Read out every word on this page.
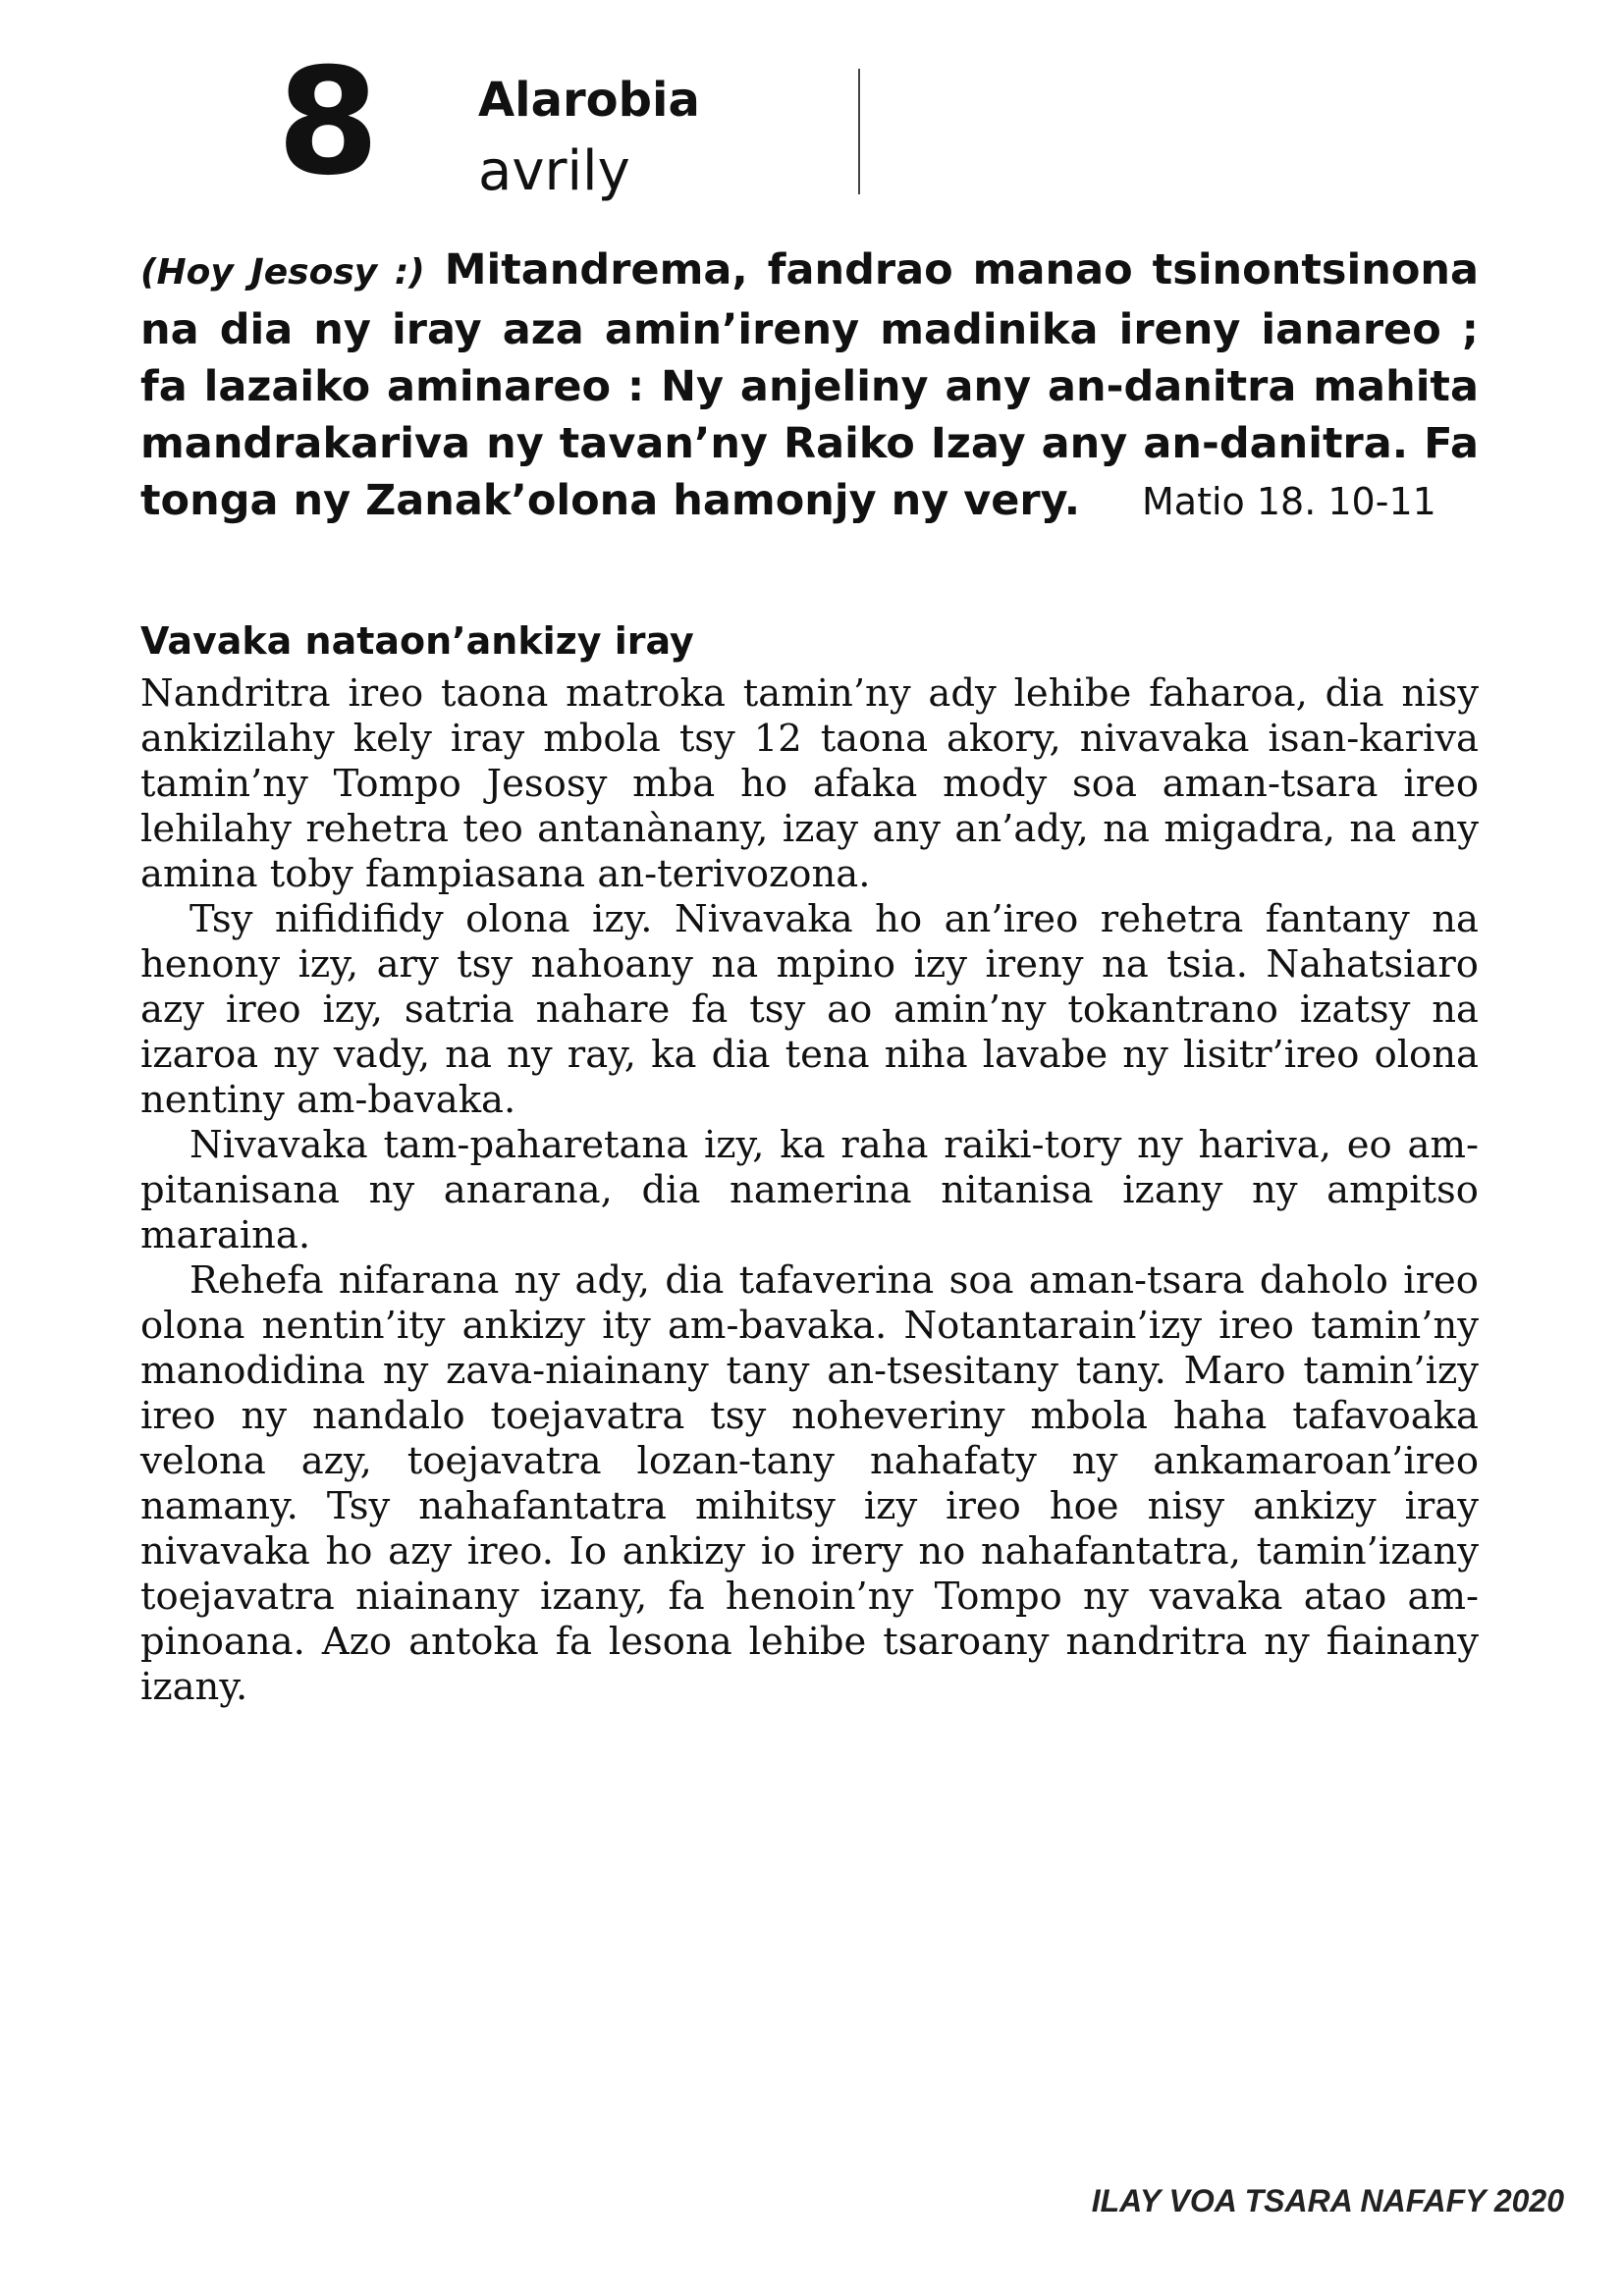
8 Alarobia
avrily
(Hoy Jesosy :) Mitandrema, fandrao manao tsinontsinona na dia ny iray aza amin’ireny madinika ireny ianareo ; fa lazaiko aminareo : Ny anjeliny any an-danitra mahita mandrakariva ny tavan’ny Raiko Izay any an-danitra. Fa tonga ny Zanak’olona hamonjy ny very. Matio 18. 10-11
Vavaka nataon’ankizy iray

Nandritra ireo taona matroka tamin’ny ady lehibe faharoa, dia nisy ankizilahy kely iray mbola tsy 12 taona akory, nivavaka isan-kariva tamin’ny Tompo Jesosy mba ho afaka mody soa aman-tsara ireo lehilahy rehetra teo antanànany, izay any an’ady, na migadra, na any amina toby fampiasana an-terivozona.

Tsy nifidifidy olona izy. Nivavaka ho an’ireo rehetra fantany na henony izy, ary tsy nahoany na mpino izy ireny na tsia. Nahatsiaro azy ireo izy, satria nahare fa tsy ao amin’ny tokantrano izatsy na izaroa ny vady, na ny ray, ka dia tena niha lavabe ny lisitr’ireo olona nentiny am-bavaka.

Nivavaka tam-paharetana izy, ka raha raiki-tory ny hariva, eo am-pitanisana ny anarana, dia namerina nitanisa izany ny ampitso maraina.

Rehefa nifarana ny ady, dia tafaverina soa aman-tsara daholo ireo olona nentin’ity ankizy ity am-bavaka. Notantarain’izy ireo tamin’ny manodidina ny zava-niainany tany an-tsesitany tany. Maro tamin’izy ireo ny nandalo toejavatra tsy noheveriny mbola haha tafavoaka velona azy, toejavatra lozan-tany nahafaty ny ankamaroan’ireo namany. Tsy nahafantatra mihitsy izy ireo hoe nisy ankizy iray nivavaka ho azy ireo. Io ankizy io irery no nahafantatra, tamin’izany toejavatra niainany izany, fa henoin’ny Tompo ny vavaka atao am-pinoana. Azo antoka fa lesona lehibe tsaroany nandritra ny fiainany izany.

ILAY VOA TSARA NAFAFY 2020
